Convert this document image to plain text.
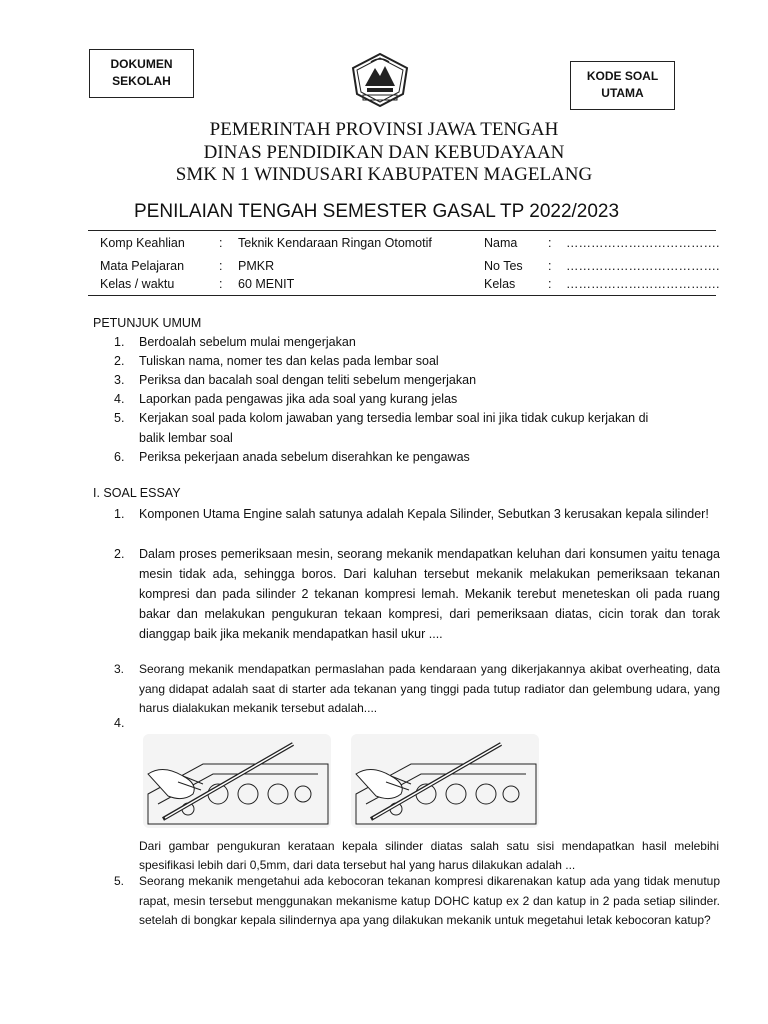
DOKUMEN
SEKOLAH	KODE SOAL
UTAMA
PEMERINTAH PROVINSI JAWA TENGAH
DINAS PENDIDIKAN DAN KEBUDAYAAN
SMK N 1 WINDUSARI KABUPATEN MAGELANG
PENILAIAN TENGAH SEMESTER GASAL TP 2022/2023
Komp Keahlian	: Teknik Kendaraan Ringan Otomotif	Nama : ……………………………….
Mata Pelajaran	: PMKR	No Tes : ……………………………….
Kelas / waktu	: 60 MENIT	Kelas	: ……………………………….
PETUNJUK UMUM
1. Berdoalah sebelum mulai mengerjakan
2. Tuliskan nama, nomer tes dan kelas pada lembar soal
3. Periksa dan bacalah soal dengan teliti sebelum mengerjakan
4. Laporkan pada pengawas jika ada soal yang kurang jelas
5. Kerjakan soal pada kolom jawaban yang tersedia lembar soal ini jika tidak cukup kerjakan di balik lembar soal
6. Periksa pekerjaan anada sebelum diserahkan ke pengawas
I. SOAL ESSAY
1. Komponen Utama Engine salah satunya adalah Kepala Silinder, Sebutkan 3 kerusakan kepala silinder!
2. Dalam proses pemeriksaan mesin, seorang mekanik mendapatkan keluhan dari konsumen yaitu tenaga mesin tidak ada, sehingga boros. Dari kaluhan tersebut mekanik melakukan pemeriksaan tekanan kompresi dan pada silinder 2 tekanan kompresi lemah. Mekanik terebut meneteskan oli pada ruang bakar dan melakukan pengukuran tekaan kompresi, dari pemeriksaan diatas, cicin torak dan torak dianggap baik jika mekanik mendapatkan hasil ukur ....
3. Seorang mekanik mendapatkan permaslahan pada kendaraan yang dikerjakannya akibat overheating, data yang didapat adalah saat di starter ada tekanan yang tinggi pada tutup radiator dan gelembung udara, yang harus dialakukan mekanik tersebut adalah....
4.
Dari gambar pengukuran kerataan kepala silinder diatas salah satu sisi mendapatkan hasil melebihi spesifikasi lebih dari 0,5mm, dari data tersebut hal yang harus dilakukan adalah ...
5. Seorang mekanik mengetahui ada kebocoran tekanan kompresi dikarenakan katup ada yang tidak menutup rapat, mesin tersebut menggunakan mekanisme katup DOHC katup ex 2 dan katup in 2 pada setiap silinder. setelah di bongkar kepala silindernya apa yang dilakukan mekanik untuk megetahui letak kebocoran katup?
